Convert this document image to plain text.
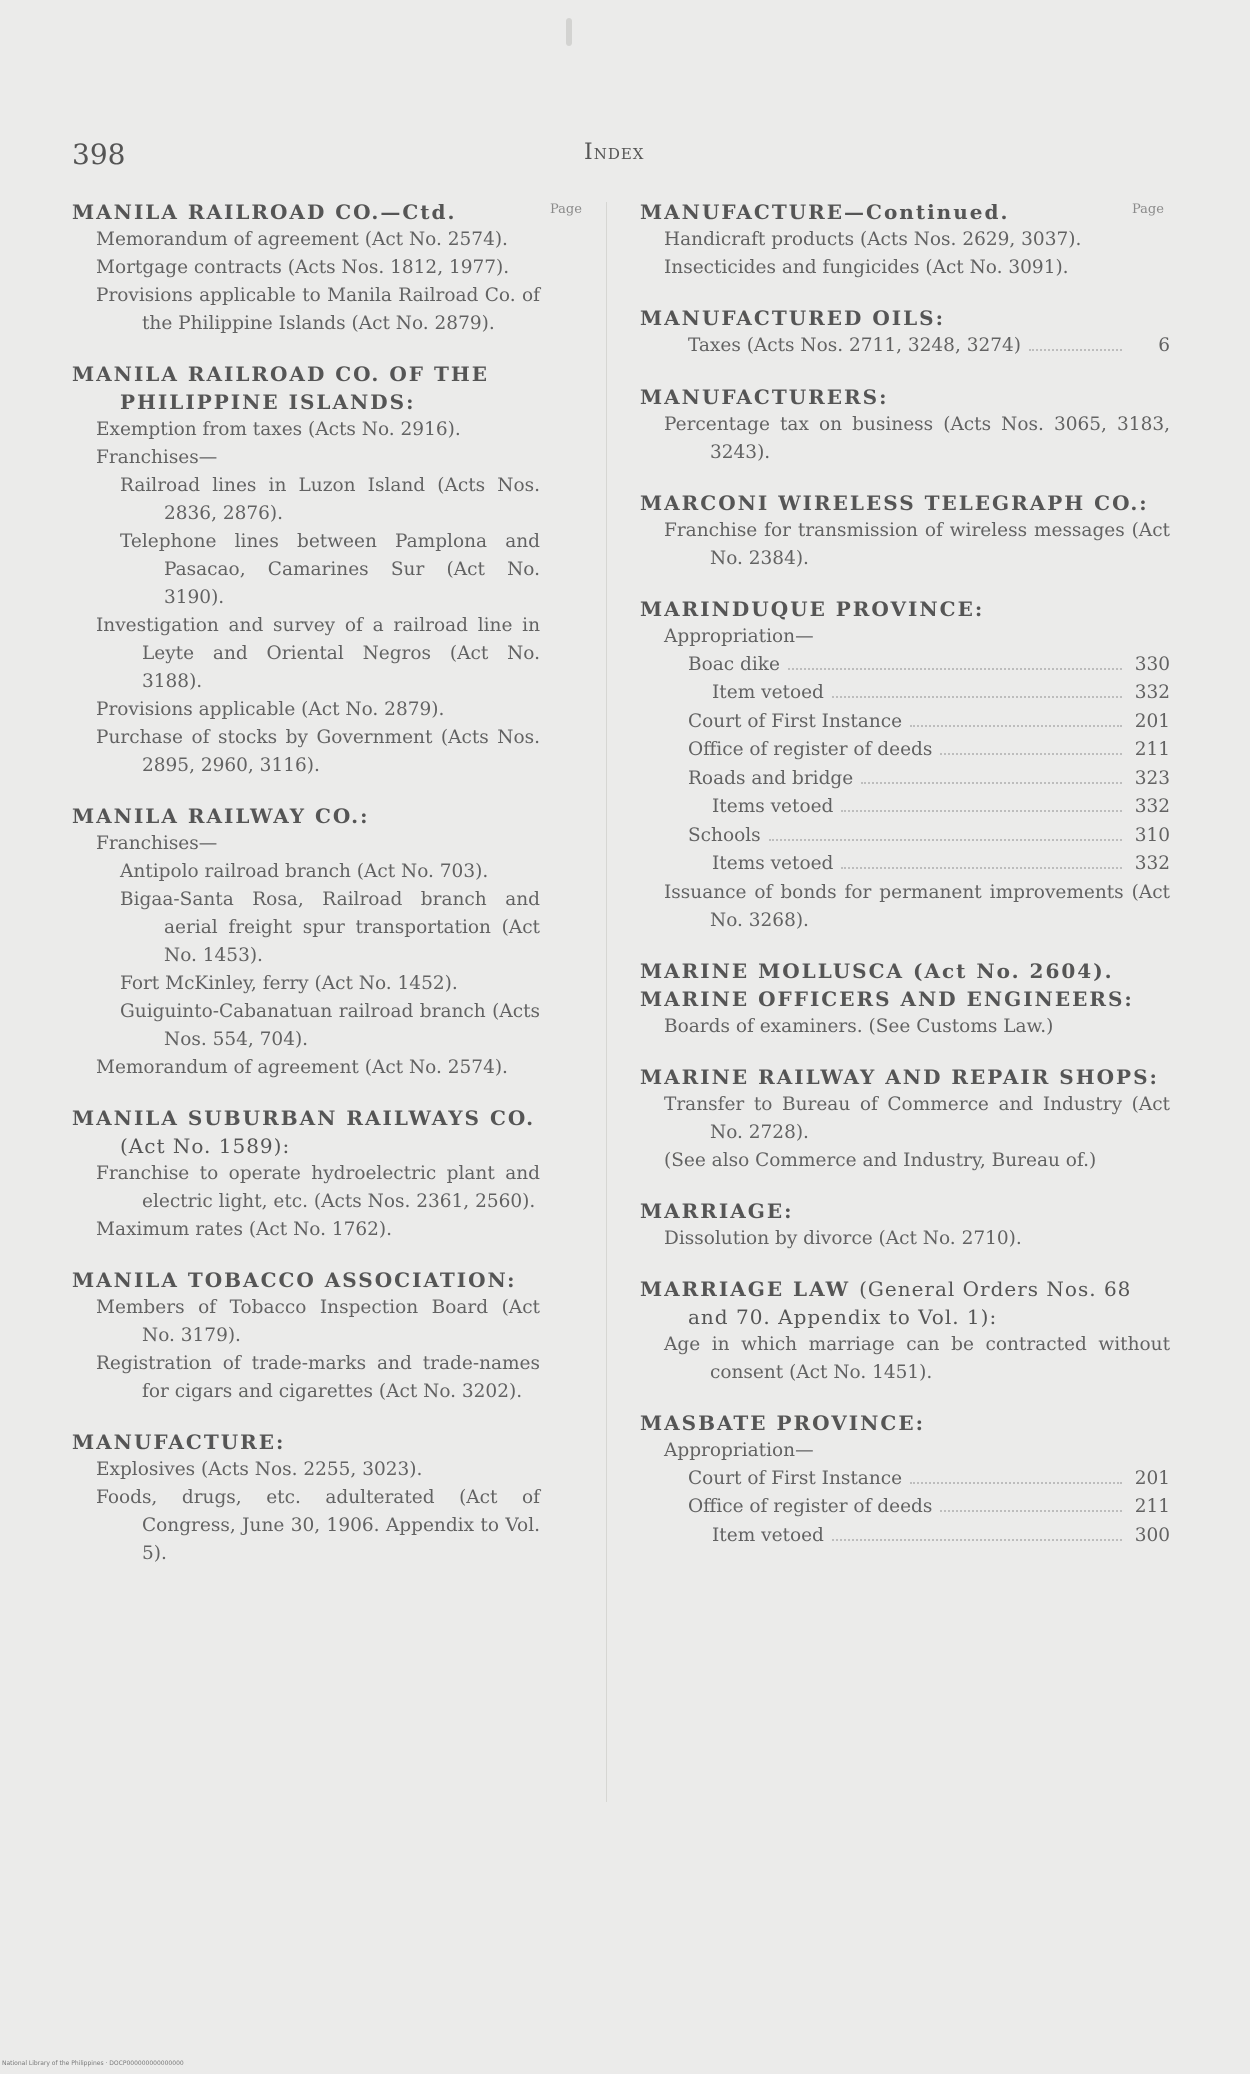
398	Index
Page	Page
MANILA RAILROAD CO.—Ctd.
Memorandum of agreement (Act No. 2574).
Mortgage contracts (Acts Nos. 1812, 1977).
Provisions applicable to Manila Railroad Co. of the Philippine Islands (Act No. 2879).
MANILA RAILROAD CO. OF THE PHILIPPINE ISLANDS:
Exemption from taxes (Acts No. 2916).
Franchises—
Railroad lines in Luzon Island (Acts Nos. 2836, 2876).
Telephone lines between Pamplona and Pasacao, Camarines Sur (Act No. 3190).
Investigation and survey of a railroad line in Leyte and Oriental Negros (Act No. 3188).
Provisions applicable (Act No. 2879).
Purchase of stocks by Government (Acts Nos. 2895, 2960, 3116).
MANILA RAILWAY CO.:
Franchises—
Antipolo railroad branch (Act No. 703).
Bigaa-Santa Rosa, Railroad branch and aerial freight spur transportation (Act No. 1453).
Fort McKinley, ferry (Act No. 1452).
Guiguinto-Cabanatuan railroad branch (Acts Nos. 554, 704).
Memorandum of agreement (Act No. 2574).
MANILA SUBURBAN RAILWAYS CO. (Act No. 1589):
Franchise to operate hydroelectric plant and electric light, etc. (Acts Nos. 2361, 2560).
Maximum rates (Act No. 1762).
MANILA TOBACCO ASSOCIATION:
Members of Tobacco Inspection Board (Act No. 3179).
Registration of trade-marks and trade-names for cigars and cigarettes (Act No. 3202).
MANUFACTURE:
Explosives (Acts Nos. 2255, 3023).
Foods, drugs, etc. adulterated (Act of Congress, June 30, 1906. Appendix to Vol. 5).
MANUFACTURE—Continued.
Handicraft products (Acts Nos. 2629, 3037).
Insecticides and fungicides (Act No. 3091).
MANUFACTURED OILS:
Taxes (Acts Nos. 2711, 3248, 3274)	6
MANUFACTURERS:
Percentage tax on business (Acts Nos. 3065, 3183, 3243).
MARCONI WIRELESS TELEGRAPH CO.:
Franchise for transmission of wireless messages (Act No. 2384).
MARINDUQUE PROVINCE:
Appropriation—
Boac dike	330
Item vetoed	332
Court of First Instance	201
Office of register of deeds	211
Roads and bridge	323
Items vetoed	332
Schools	310
Items vetoed	332
Issuance of bonds for permanent improvements (Act No. 3268).
MARINE MOLLUSCA (Act No. 2604).
MARINE OFFICERS AND ENGINEERS:
Boards of examiners. (See Customs Law.)
MARINE RAILWAY AND REPAIR SHOPS:
Transfer to Bureau of Commerce and Industry (Act No. 2728).
(See also Commerce and Industry, Bureau of.)
MARRIAGE:
Dissolution by divorce (Act No. 2710).
MARRIAGE LAW (General Orders Nos. 68 and 70. Appendix to Vol. 1):
Age in which marriage can be contracted without consent (Act No. 1451).
MASBATE PROVINCE:
Appropriation—
Court of First Instance	201
Office of register of deeds	211
Item vetoed	300
National Library of the Philippines · DOCP000000000000000
